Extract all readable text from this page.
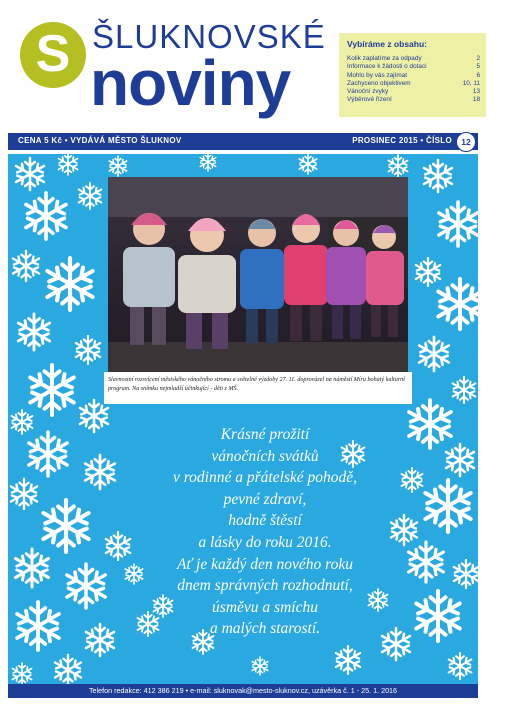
S ŠLUKNOVSKÉ
noviny
Vybíráme z obsahu:
Kolik zaplatíme za odpady	2
Informace k žádosti o dotaci	5
Mohlo by vás zajímat	6
Zachyceno objektivem	10, 11
Vánoční zvyky	13
Výběrové řízení	18
CENA 5 Kč • VYDÁVÁ MĚSTO ŠLUKNOV	PROSINEC 2015 • ČÍSLO	12

Slavnostní rozsvícení městského vánočního stromu a světelné výzdoby 27. 11. doprovázel na náměstí Míru bohatý kulturní program. Na snímku nejmladší účinkující - děti z MŠ.

Krásné prožití
vánočních svátků
v rodinné a přátelské pohodě,
pevné zdraví,
hodně štěstí
a lásky do roku 2016.
Ať je každý den nového roku
dnem správných rozhodnutí,
úsměvu a smíchu
a malých starostí.
Telefon redakce: 412 386 219 • e-mail: sluknovak@mesto-sluknov.cz, uzávěrka č. 1 - 25. 1. 2016
